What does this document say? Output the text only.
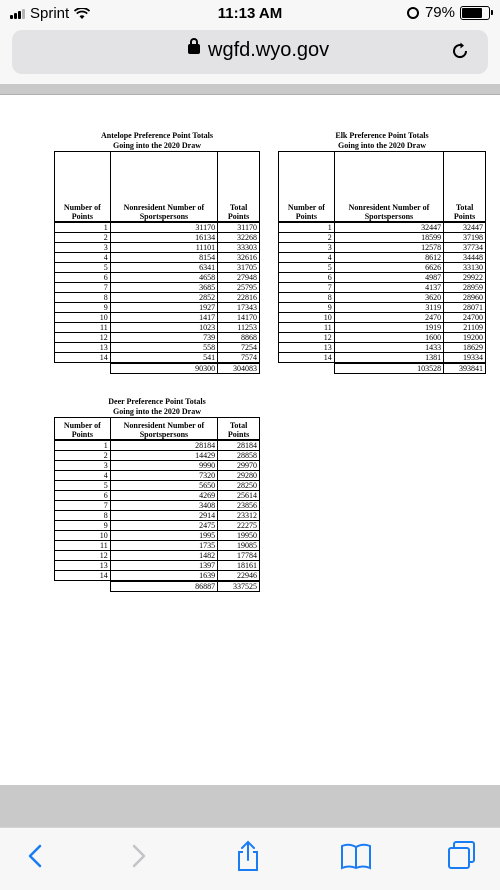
Sprint	11:13 AM	79%
wgfd.wyo.gov
Antelope Preference Point Totals
Going into the 2020 Draw
Number of
Points	Nonresident Number of
Sportspersons	Total
Points
1	31170	31170
2	16134	32268
3	11101	33303
4	8154	32616
5	6341	31705
6	4658	27948
7	3685	25795
8	2852	22816
9	1927	17343
10	1417	14170
11	1023	11253
12	739	8868
13	558	7254
14	541	7574
	90300	304083
Elk Preference Point Totals
Going into the 2020 Draw
Number of
Points	Nonresident Number of
Sportspersons	Total
Points
1	32447	32447
2	18599	37198
3	12578	37734
4	8612	34448
5	6626	33130
6	4987	29922
7	4137	28959
8	3620	28960
9	3119	28071
10	2470	24700
11	1919	21109
12	1600	19200
13	1433	18629
14	1381	19334
	103528	393841
Deer Preference Point Totals
Going into the 2020 Draw
Number of
Points	Nonresident Number of
Sportspersons	Total
Points
1	28184	28184
2	14429	28858
3	9990	29970
4	7320	29280
5	5650	28250
6	4269	25614
7	3408	23856
8	2914	23312
9	2475	22275
10	1995	19950
11	1735	19085
12	1482	17784
13	1397	18161
14	1639	22946
	86887	337525
